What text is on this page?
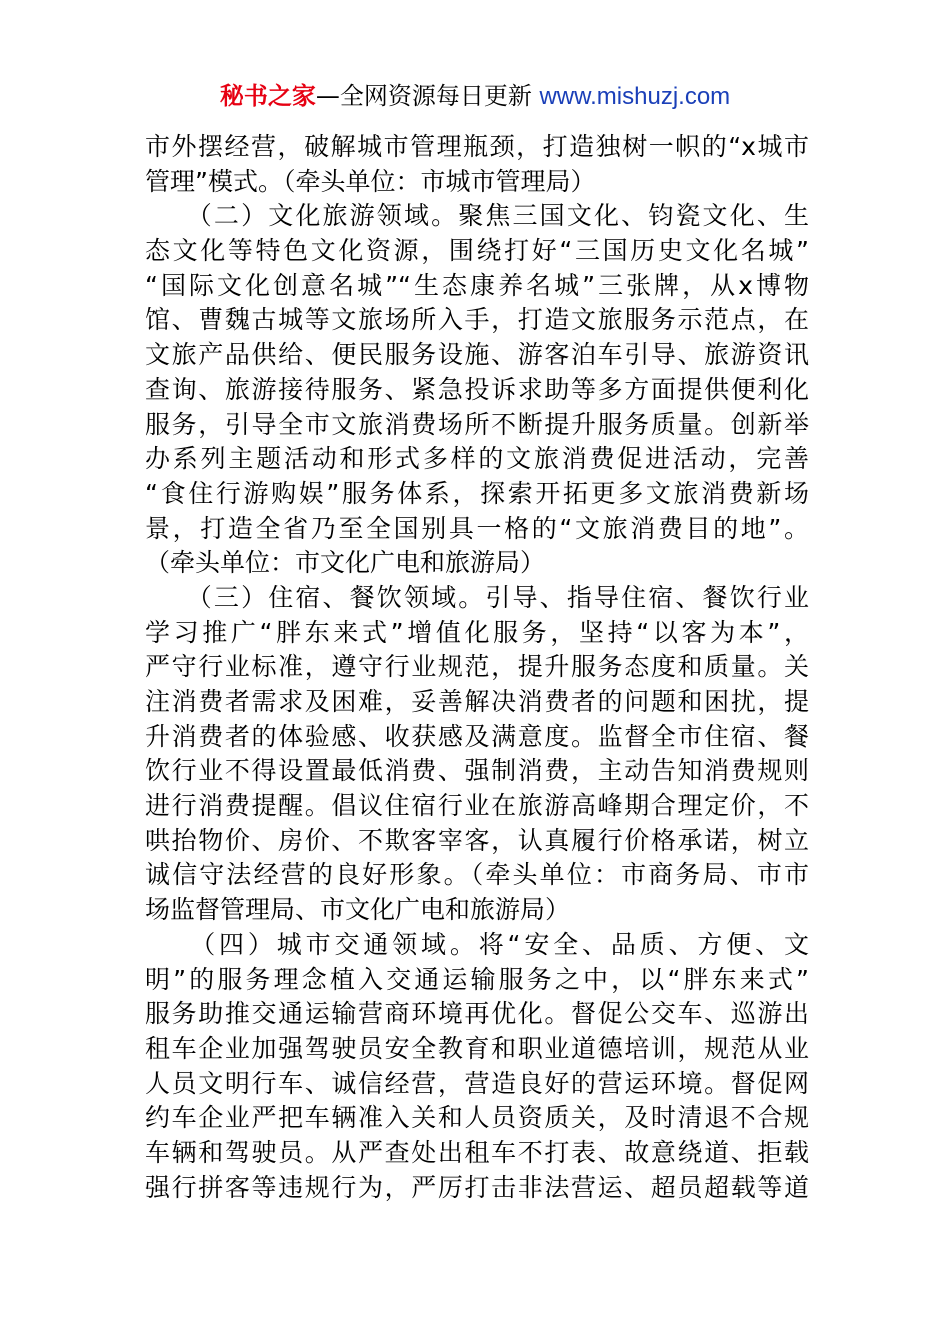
秘书之家—全网资源每日更新 www.mishuzj.com
市外摆经营，破解城市管理瓶颈，打造独树一帜的“x城市
管理”模式。（牵头单位：市城市管理局）
　　（二）文化旅游领域。聚焦三国文化、钧瓷文化、生
态文化等特色文化资源，围绕打好“三国历史文化名城”
“国际文化创意名城”“生态康养名城”三张牌，从x博物
馆、曹魏古城等文旅场所入手，打造文旅服务示范点，在
文旅产品供给、便民服务设施、游客泊车引导、旅游资讯
查询、旅游接待服务、紧急投诉求助等多方面提供便利化
服务，引导全市文旅消费场所不断提升服务质量。创新举
办系列主题活动和形式多样的文旅消费促进活动，完善
“食住行游购娱”服务体系，探索开拓更多文旅消费新场
景，打造全省乃至全国别具一格的“文旅消费目的地”。
（牵头单位：市文化广电和旅游局）
　　（三）住宿、餐饮领域。引导、指导住宿、餐饮行业
学习推广“胖东来式”增值化服务，坚持“以客为本”，
严守行业标准，遵守行业规范，提升服务态度和质量。关
注消费者需求及困难，妥善解决消费者的问题和困扰，提
升消费者的体验感、收获感及满意度。监督全市住宿、餐
饮行业不得设置最低消费、强制消费，主动告知消费规则
进行消费提醒。倡议住宿行业在旅游高峰期合理定价，不
哄抬物价、房价、不欺客宰客，认真履行价格承诺，树立
诚信守法经营的良好形象。（牵头单位：市商务局、市市
场监督管理局、市文化广电和旅游局）
　　（四）城市交通领域。将“安全、品质、方便、文
明”的服务理念植入交通运输服务之中，以“胖东来式”
服务助推交通运输营商环境再优化。督促公交车、巡游出
租车企业加强驾驶员安全教育和职业道德培训，规范从业
人员文明行车、诚信经营，营造良好的营运环境。督促网
约车企业严把车辆准入关和人员资质关，及时清退不合规
车辆和驾驶员。从严查处出租车不打表、故意绕道、拒载
强行拼客等违规行为，严厉打击非法营运、超员超载等道
